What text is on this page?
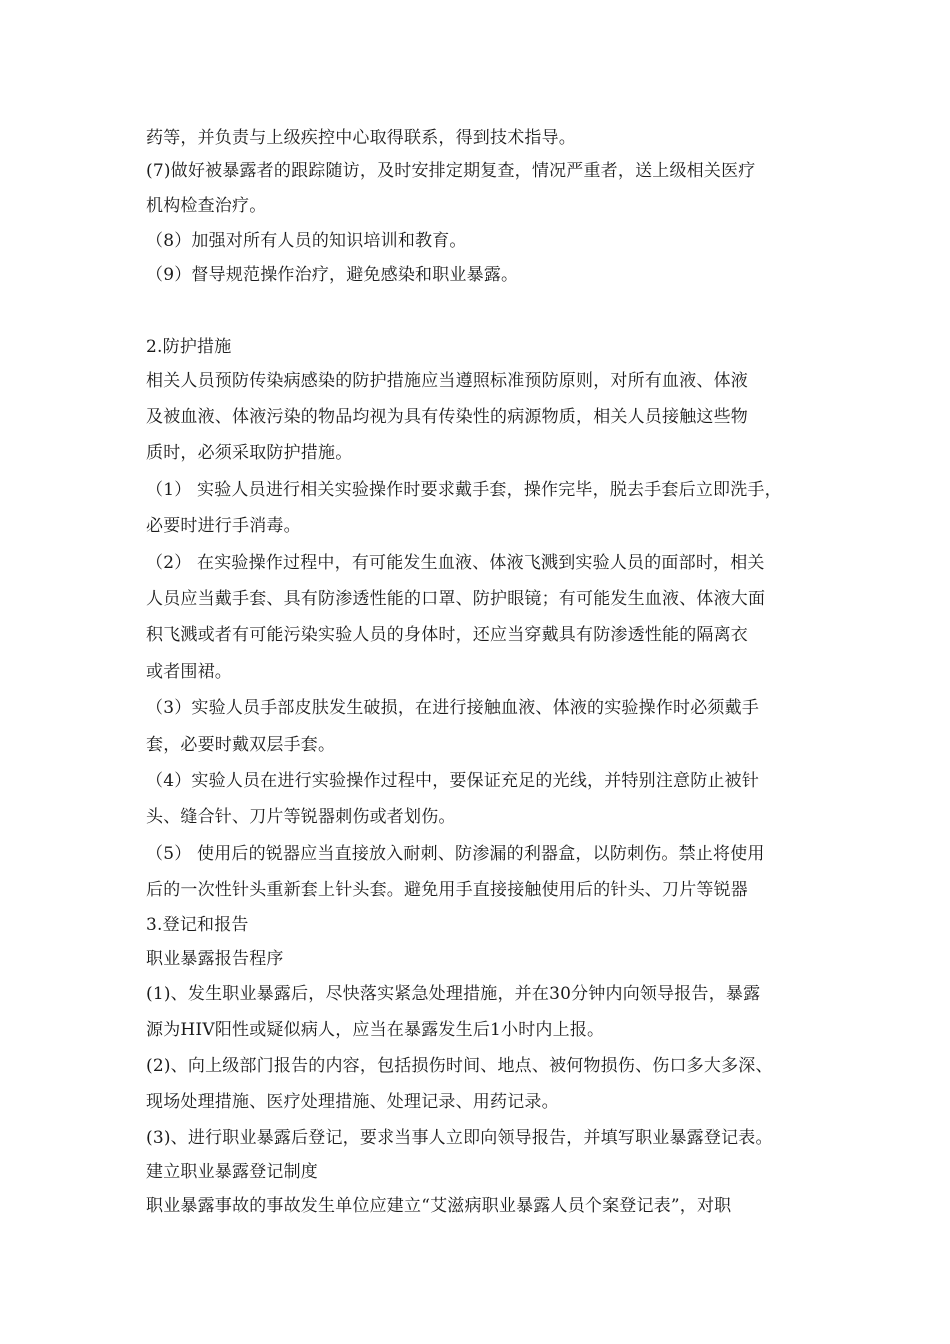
药等，并负责与上级疾控中心取得联系，得到技术指导。
(7)做好被暴露者的跟踪随访，及时安排定期复查，情况严重者，送上级相关医疗
机构检查治疗。
（8）加强对所有人员的知识培训和教育。
（9）督导规范操作治疗，避免感染和职业暴露。
2.防护措施
相关人员预防传染病感染的防护措施应当遵照标准预防原则，对所有血液、体液
及被血液、体液污染的物品均视为具有传染性的病源物质，相关人员接触这些物
质时，必须采取防护措施。
（1） 实验人员进行相关实验操作时要求戴手套，操作完毕，脱去手套后立即洗手，
必要时进行手消毒。
（2） 在实验操作过程中，有可能发生血液、体液飞溅到实验人员的面部时，相关
人员应当戴手套、具有防渗透性能的口罩、防护眼镜；有可能发生血液、体液大面
积飞溅或者有可能污染实验人员的身体时，还应当穿戴具有防渗透性能的隔离衣
或者围裙。
（3）实验人员手部皮肤发生破损，在进行接触血液、体液的实验操作时必须戴手
套，必要时戴双层手套。
（4）实验人员在进行实验操作过程中，要保证充足的光线，并特别注意防止被针
头、缝合针、刀片等锐器刺伤或者划伤。
（5） 使用后的锐器应当直接放入耐刺、防渗漏的利器盒，以防刺伤。禁止将使用
后的一次性针头重新套上针头套。避免用手直接接触使用后的针头、刀片等锐器
3.登记和报告
职业暴露报告程序
(1)、发生职业暴露后，尽快落实紧急处理措施，并在30分钟内向领导报告，暴露
源为HIV阳性或疑似病人，应当在暴露发生后1小时内上报。
(2)、向上级部门报告的内容，包括损伤时间、地点、被何物损伤、伤口多大多深、
现场处理措施、医疗处理措施、处理记录、用药记录。
(3)、进行职业暴露后登记，要求当事人立即向领导报告，并填写职业暴露登记表。
建立职业暴露登记制度
职业暴露事故的事故发生单位应建立“艾滋病职业暴露人员个案登记表”，对职
